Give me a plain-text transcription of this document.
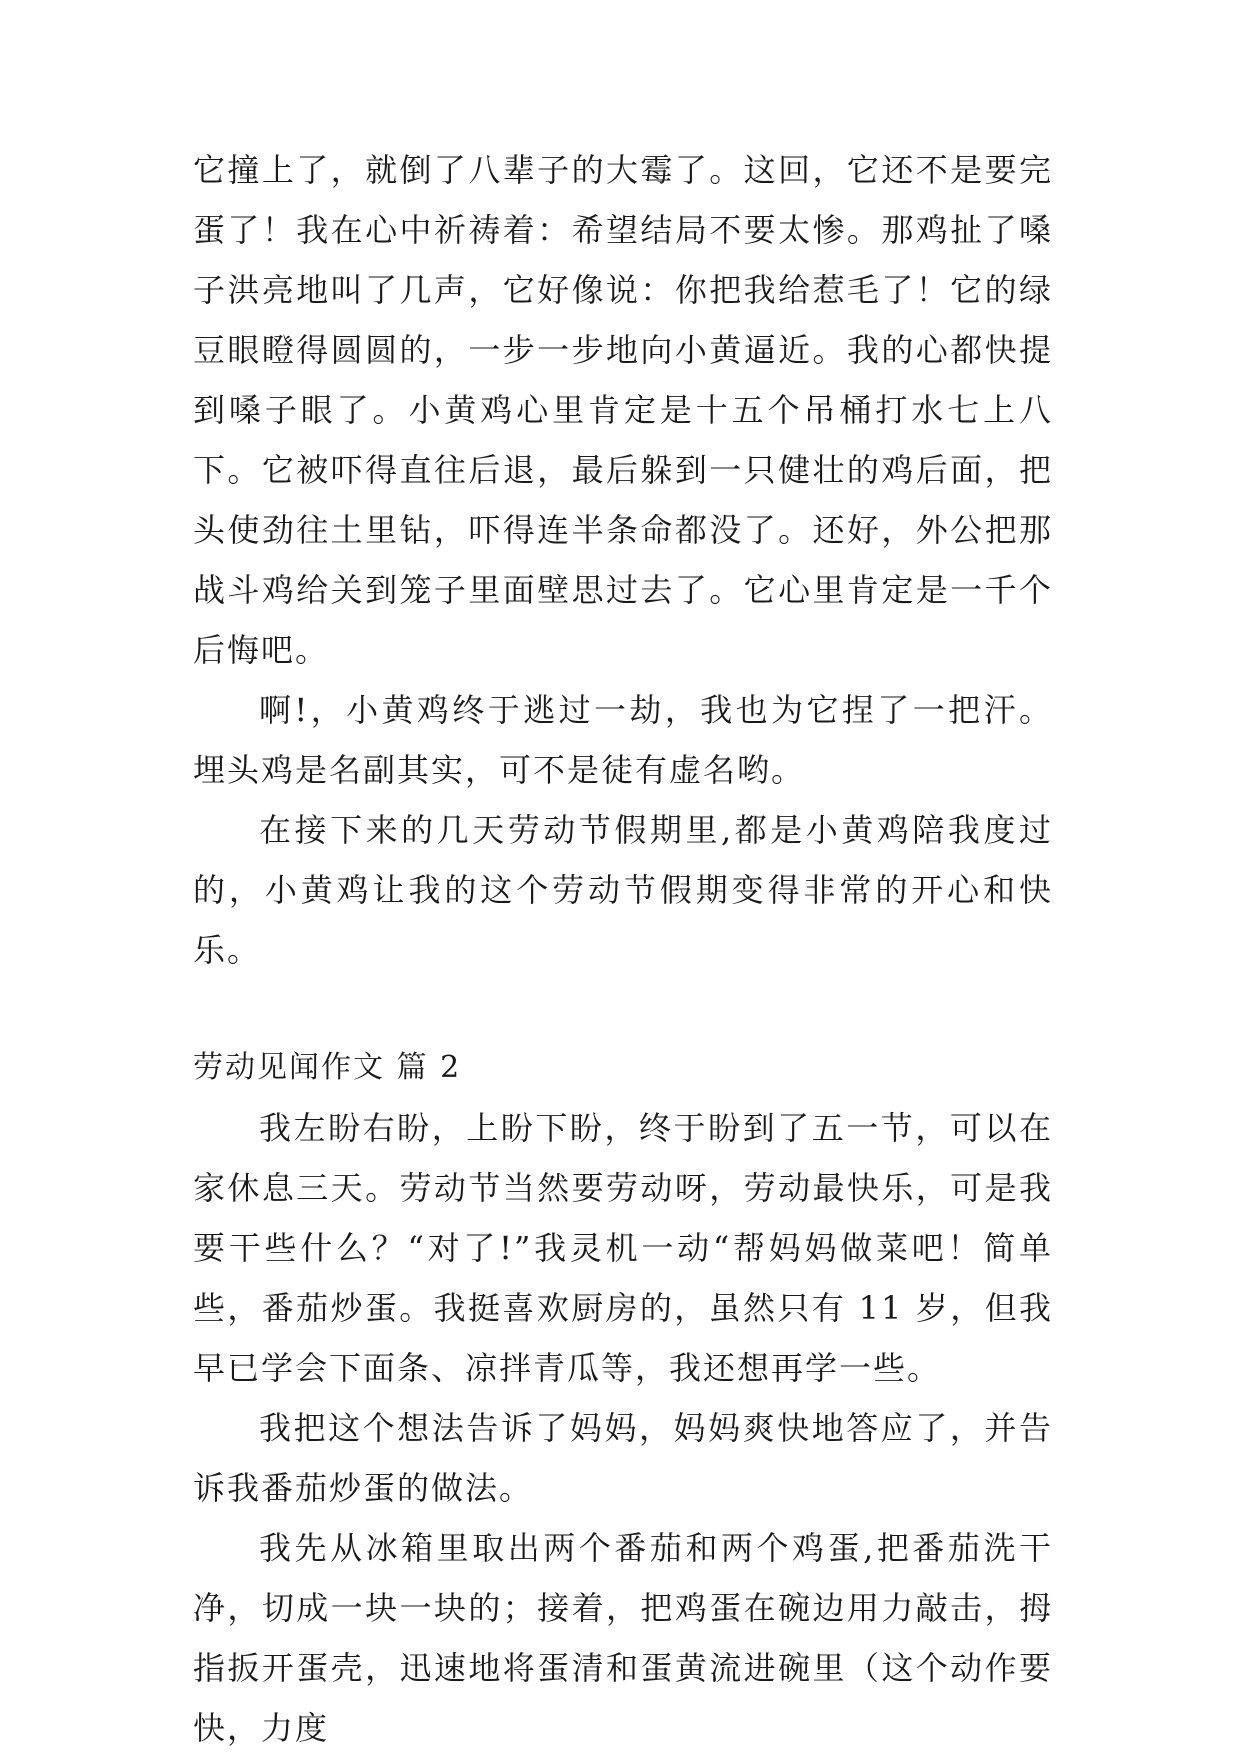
它撞上了，就倒了八辈子的大霉了。这回，它还不是要完蛋了！我在心中祈祷着：希望结局不要太惨。那鸡扯了嗓子洪亮地叫了几声，它好像说：你把我给惹毛了！它的绿豆眼瞪得圆圆的，一步一步地向小黄逼近。我的心都快提到嗓子眼了。小黄鸡心里肯定是十五个吊桶打水七上八下。它被吓得直往后退，最后躲到一只健壮的鸡后面，把头使劲往土里钻，吓得连半条命都没了。还好，外公把那战斗鸡给关到笼子里面壁思过去了。它心里肯定是一千个后悔吧。

啊!，小黄鸡终于逃过一劫，我也为它捏了一把汗。埋头鸡是名副其实，可不是徒有虚名哟。

在接下来的几天劳动节假期里,都是小黄鸡陪我度过的，小黄鸡让我的这个劳动节假期变得非常的开心和快乐。

劳动见闻作文 篇 2

我左盼右盼，上盼下盼，终于盼到了五一节，可以在家休息三天。劳动节当然要劳动呀，劳动最快乐，可是我要干些什么？“对了!”我灵机一动“帮妈妈做菜吧！简单些，番茄炒蛋。我挺喜欢厨房的，虽然只有 11 岁，但我早已学会下面条、凉拌青瓜等，我还想再学一些。

我把这个想法告诉了妈妈，妈妈爽快地答应了，并告诉我番茄炒蛋的做法。

我先从冰箱里取出两个番茄和两个鸡蛋,把番茄洗干净，切成一块一块的；接着，把鸡蛋在碗边用力敲击，拇指扳开蛋壳，迅速地将蛋清和蛋黄流进碗里（这个动作要快，力度
